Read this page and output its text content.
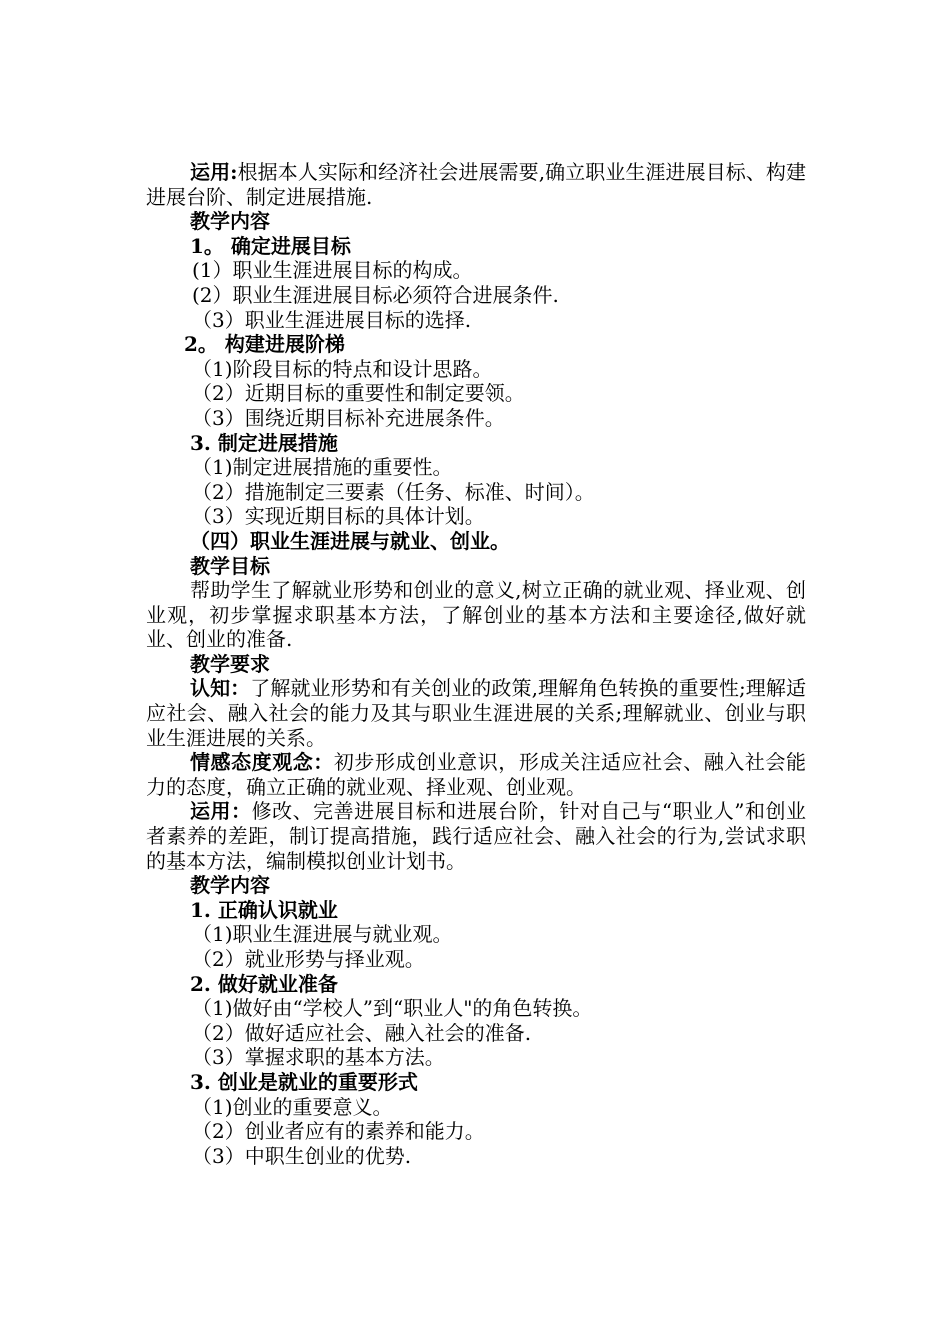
运用:根据本人实际和经济社会进展需要,确立职业生涯进展目标、构建进展台阶、制定进展措施.

教学内容

1。 确定进展目标

(1）职业生涯进展目标的构成。

(2）职业生涯进展目标必须符合进展条件.

（3）职业生涯进展目标的选择.

2。 构建进展阶梯

（1)阶段目标的特点和设计思路。

（2）近期目标的重要性和制定要领。

（3）围绕近期目标补充进展条件。

3. 制定进展措施

（1)制定进展措施的重要性。

（2）措施制定三要素（任务、标准、时间）。

（3）实现近期目标的具体计划。

（四）职业生涯进展与就业、创业。

教学目标

帮助学生了解就业形势和创业的意义,树立正确的就业观、择业观、创业观，初步掌握求职基本方法，了解创业的基本方法和主要途径,做好就业、创业的准备.

教学要求

认知：了解就业形势和有关创业的政策,理解角色转换的重要性;理解适应社会、融入社会的能力及其与职业生涯进展的关系;理解就业、创业与职业生涯进展的关系。

情感态度观念：初步形成创业意识，形成关注适应社会、融入社会能力的态度，确立正确的就业观、择业观、创业观。

运用：修改、完善进展目标和进展台阶，针对自己与“职业人”和创业者素养的差距，制订提高措施，践行适应社会、融入社会的行为,尝试求职的基本方法，编制模拟创业计划书。

教学内容

1. 正确认识就业

（1)职业生涯进展与就业观。

（2）就业形势与择业观。

2. 做好就业准备

（1)做好由“学校人”到“职业人"的角色转换。

（2）做好适应社会、融入社会的准备.

（3）掌握求职的基本方法。

3. 创业是就业的重要形式

（1)创业的重要意义。

（2）创业者应有的素养和能力。

（3）中职生创业的优势.
